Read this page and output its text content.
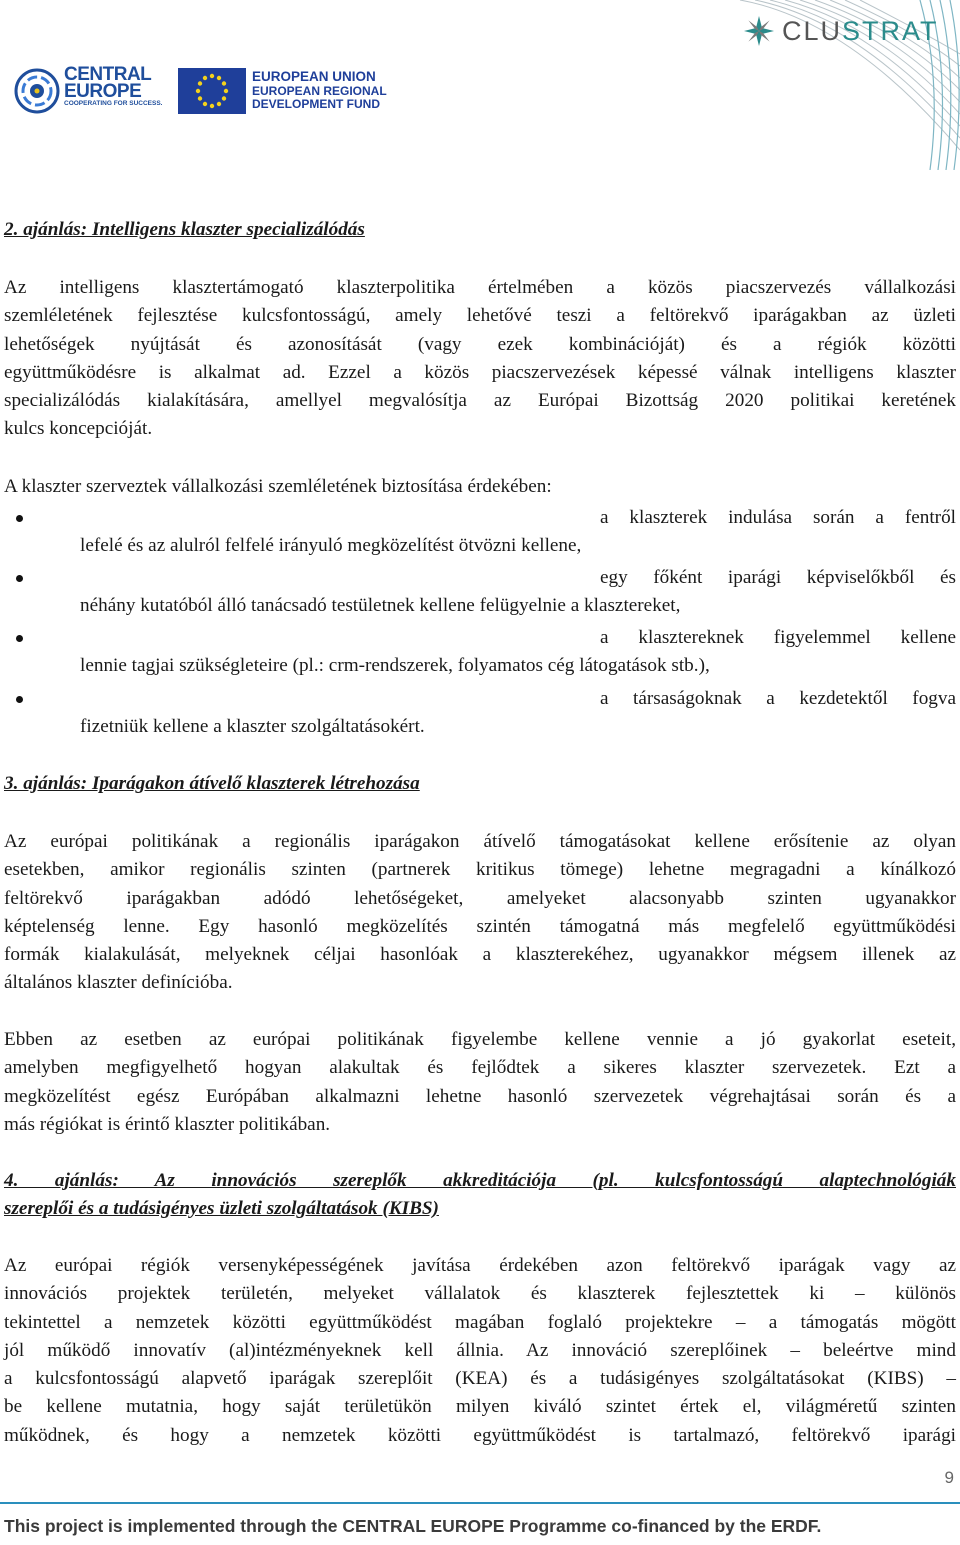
CENTRAL
EUROPE
COOPERATING FOR SUCCESS.
EUROPEAN UNION
EUROPEAN REGIONAL
DEVELOPMENT FUND
CLUSTRAT
2. ajánlás: Intelligens klaszter specializálódás
Az intelligens klasztertámogató klaszterpolitika értelmében a közös piacszervezés vállalkozási
szemléletének fejlesztése kulcsfontosságú, amely lehetővé teszi a feltörekvő iparágakban az üzleti
lehetőségek nyújtását és azonosítását (vagy ezek kombinációját) és a régiók közötti
együttműködésre is alkalmat ad. Ezzel a közös piacszervezések képessé válnak intelligens klaszter
specializálódás kialakítására, amellyel megvalósítja az Európai Bizottság 2020 politikai keretének
kulcs koncepcióját.
A klaszter szerveztek vállalkozási szemléletének biztosítása érdekében:
a klaszterek indulása során a fentről
lefelé és az alulról felfelé irányuló megközelítést ötvözni kellene,
egy főként iparági képviselőkből és
néhány kutatóból álló tanácsadó testületnek kellene felügyelnie a klasztereket,
a klasztereknek figyelemmel kellene
lennie tagjai szükségleteire (pl.: crm-rendszerek, folyamatos cég látogatások stb.),
a társaságoknak a kezdetektől fogva
fizetniük kellene a klaszter szolgáltatásokért.
3. ajánlás: Iparágakon átívelő klaszterek létrehozása
Az európai politikának a regionális iparágakon átívelő támogatásokat kellene erősítenie az olyan
esetekben, amikor regionális szinten (partnerek kritikus tömege) lehetne megragadni a kínálkozó
feltörekvő iparágakban adódó lehetőségeket, amelyeket alacsonyabb szinten ugyanakkor
képtelenség lenne. Egy hasonló megközelítés szintén támogatná más megfelelő együttműködési
formák kialakulását, melyeknek céljai hasonlóak a klaszterekéhez, ugyanakkor mégsem illenek az
általános klaszter definícióba.
Ebben az esetben az európai politikának figyelembe kellene vennie a jó gyakorlat eseteit,
amelyben megfigyelhető hogyan alakultak és fejlődtek a sikeres klaszter szervezetek. Ezt a
megközelítést egész Európában alkalmazni lehetne hasonló szervezetek végrehajtásai során és a
más régiókat is érintő klaszter politikában.
4. ajánlás: Az innovációs szereplők akkreditációja (pl. kulcsfontosságú alaptechnológiák
szereplői és a tudásigényes üzleti szolgáltatások (KIBS)
Az európai régiók versenyképességének javítása érdekében azon feltörekvő iparágak vagy az
innovációs projektek területén, melyeket vállalatok és klaszterek fejlesztettek ki – különös
tekintettel a nemzetek közötti együttműködést magában foglaló projektekre – a támogatás mögött
jól működő innovatív (al)intézményeknek kell állnia. Az innováció szereplőinek – beleértve mind
a kulcsfontosságú alapvető iparágak szereplőit (KEA) és a tudásigényes szolgáltatásokat (KIBS) –
be kellene mutatnia, hogy saját területükön milyen kiváló szintet értek el, világméretű szinten
működnek, és hogy a nemzetek közötti együttműködést is tartalmazó, feltörekvő iparági
9
This project is implemented through the CENTRAL EUROPE Programme co-financed by the ERDF.
